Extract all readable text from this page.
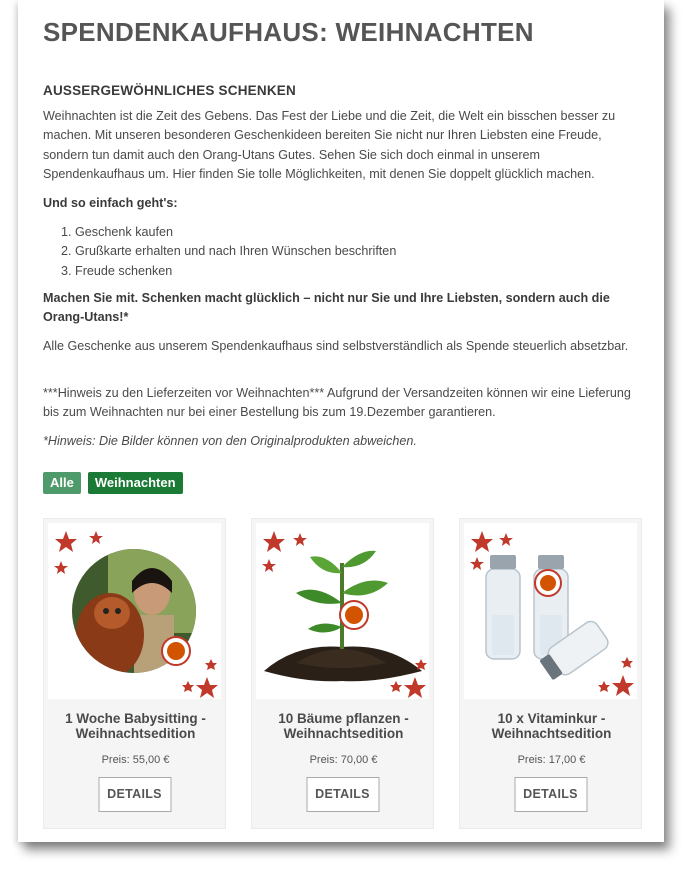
SPENDENKAUFHAUS: WEIHNACHTEN
AUSSERGEWÖHNLICHES SCHENKEN
Weihnachten ist die Zeit des Gebens. Das Fest der Liebe und die Zeit, die Welt ein bisschen besser zu machen. Mit unseren besonderen Geschenkideen bereiten Sie nicht nur Ihren Liebsten eine Freude, sondern tun damit auch den Orang-Utans Gutes. Sehen Sie sich doch einmal in unserem Spendenkaufhaus um. Hier finden Sie tolle Möglichkeiten, mit denen Sie doppelt glücklich machen.
Und so einfach geht's:
1. Geschenk kaufen
2. Grußkarte erhalten und nach Ihren Wünschen beschriften
3. Freude schenken
Machen Sie mit. Schenken macht glücklich – nicht nur Sie und Ihre Liebsten, sondern auch die Orang-Utans!*
Alle Geschenke aus unserem Spendenkaufhaus sind selbstverständlich als Spende steuerlich absetzbar.
***Hinweis zu den Lieferzeiten vor Weihnachten*** Aufgrund der Versandzeiten können wir eine Lieferung bis zum Weihnachten nur bei einer Bestellung bis zum 19.Dezember garantieren.
*Hinweis: Die Bilder können von den Originalprodukten abweichen.
Alle	Weihnachten
1 Woche Babysitting - Weihnachtsedition
Preis: 55,00 €
DETAILS
10 Bäume pflanzen - Weihnachtsedition
Preis: 70,00 €
DETAILS
10 x Vitaminkur - Weihnachtsedition
Preis: 17,00 €
DETAILS
